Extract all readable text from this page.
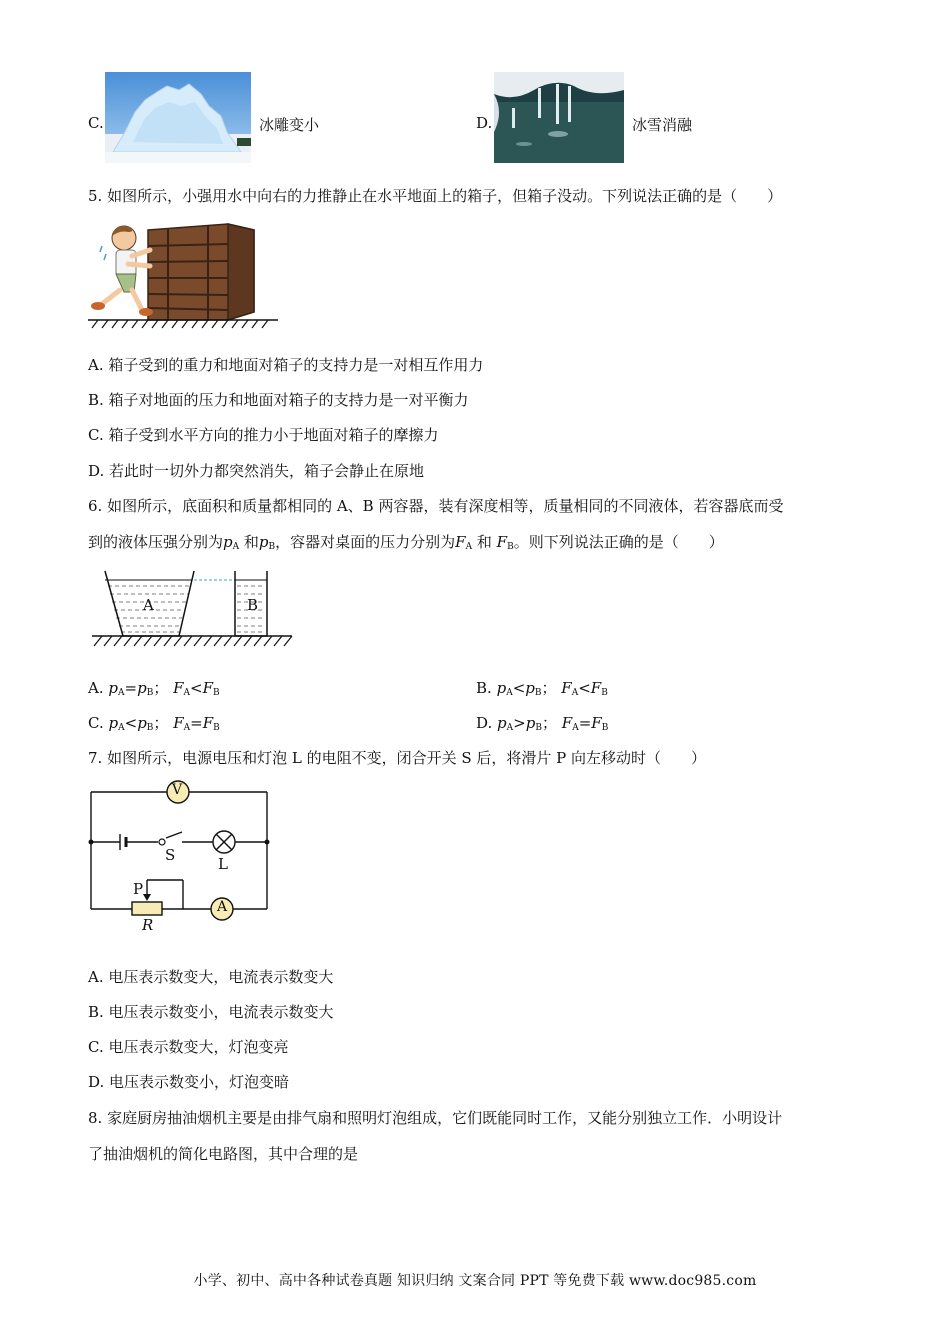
C.	冰雕变小	D.	冰雪消融
5. 如图所示，小强用水中向右的力推静止在水平地面上的箱子，但箱子没动。下列说法正确的是（　　）
A. 箱子受到的重力和地面对箱子的支持力是一对相互作用力
B. 箱子对地面的压力和地面对箱子的支持力是一对平衡力
C. 箱子受到水平方向的推力小于地面对箱子的摩擦力
D. 若此时一切外力都突然消失，箱子会静止在原地
6. 如图所示，底面积和质量都相同的 A、B 两容器，装有深度相等，质量相同的不同液体，若容器底而受
到的液体压强分别为$p_A$ 和$p_B$，容器对桌面的压力分别为$F_A$ 和 $F_B$。则下列说法正确的是（　　）
A	B
A. $p_A=p_B$； $F_A<F_B$	B. $p_A<p_B$； $F_A<F_B$
C. $p_A<p_B$； $F_A=F_B$	D. $p_A>p_B$； $F_A=F_B$
7. 如图所示，电源电压和灯泡 L 的电阻不变，闭合开关 S 后，将滑片 P 向左移动时（　　）
V
A
S	L
P
R
A. 电压表示数变大，电流表示数变大
B. 电压表示数变小，电流表示数变大
C. 电压表示数变大，灯泡变亮
D. 电压表示数变小，灯泡变暗
8. 家庭厨房抽油烟机主要是由排气扇和照明灯泡组成，它们既能同时工作，又能分别独立工作．小明设计
了抽油烟机的简化电路图，其中合理的是
小学、初中、高中各种试卷真题 知识归纳 文案合同 PPT 等免费下载 www.doc985.com
